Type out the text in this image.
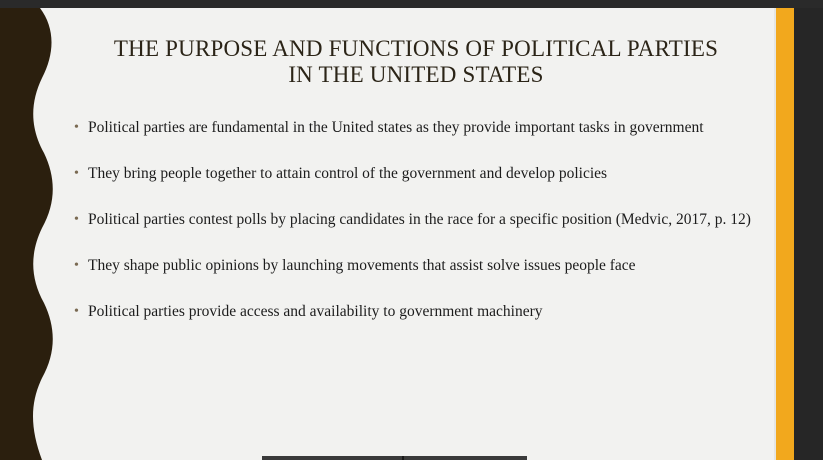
THE PURPOSE AND FUNCTIONS OF POLITICAL PARTIES
IN THE UNITED STATES
• Political parties are fundamental in the United states as they provide important tasks in government
• They bring people together to attain control of the government and develop policies
• Political parties contest polls by placing candidates in the race for a specific position (Medvic, 2017, p. 12)
• They shape public opinions by launching movements that assist solve issues people face
• Political parties provide access and availability to government machinery
